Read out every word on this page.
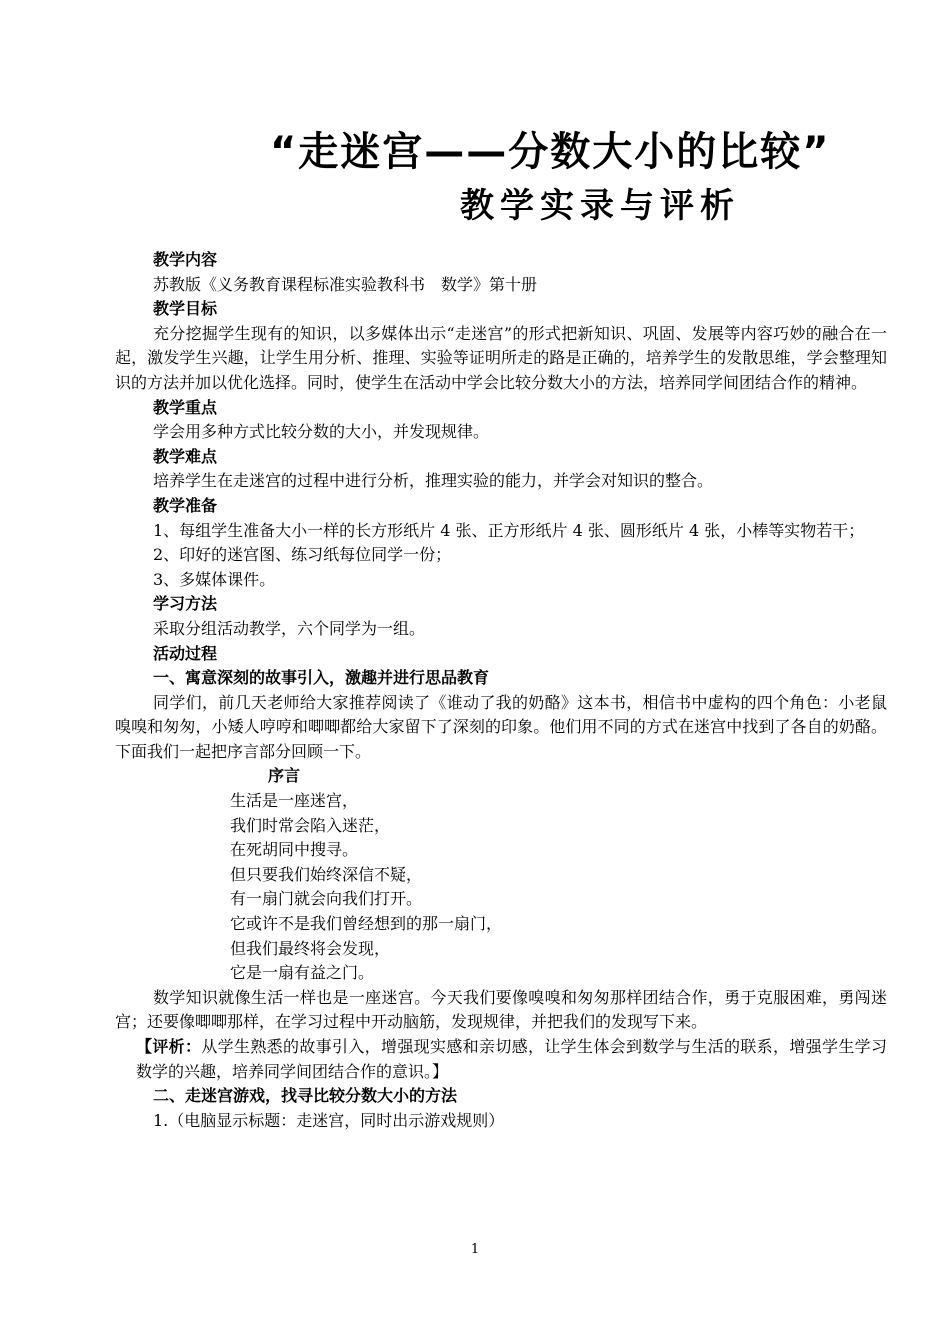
“走迷宫——分数大小的比较”
教学实录与评析

教学内容

苏教版《义务教育课程标准实验教科书　数学》第十册

教学目标

充分挖掘学生现有的知识，以多媒体出示“走迷宫”的形式把新知识、巩固、发展等内容巧妙的融合在一起，激发学生兴趣，让学生用分析、推理、实验等证明所走的路是正确的，培养学生的发散思维，学会整理知识的方法并加以优化选择。同时，使学生在活动中学会比较分数大小的方法，培养同学间团结合作的精神。

教学重点

学会用多种方式比较分数的大小，并发现规律。

教学难点

培养学生在走迷宫的过程中进行分析，推理实验的能力，并学会对知识的整合。

教学准备

1、每组学生准备大小一样的长方形纸片 4 张、正方形纸片 4 张、圆形纸片 4 张，小棒等实物若干；

2、印好的迷宫图、练习纸每位同学一份；

3、多媒体课件。

学习方法

采取分组活动教学，六个同学为一组。

活动过程

一、寓意深刻的故事引入，激趣并进行思品教育

同学们，前几天老师给大家推荐阅读了《谁动了我的奶酪》这本书，相信书中虚构的四个角色：小老鼠嗅嗅和匆匆，小矮人哼哼和唧唧都给大家留下了深刻的印象。他们用不同的方式在迷宫中找到了各自的奶酪。下面我们一起把序言部分回顾一下。

序言

生活是一座迷宫，

我们时常会陷入迷茫，

在死胡同中搜寻。

但只要我们始终深信不疑，

有一扇门就会向我们打开。

它或许不是我们曾经想到的那一扇门，

但我们最终将会发现，

它是一扇有益之门。

数学知识就像生活一样也是一座迷宫。今天我们要像嗅嗅和匆匆那样团结合作，勇于克服困难，勇闯迷宫；还要像唧唧那样，在学习过程中开动脑筋，发现规律，并把我们的发现写下来。

【评析：从学生熟悉的故事引入，增强现实感和亲切感，让学生体会到数学与生活的联系，增强学生学习数学的兴趣，培养同学间团结合作的意识。】

二、走迷宫游戏，找寻比较分数大小的方法

1.（电脑显示标题：走迷宫，同时出示游戏规则）

1
